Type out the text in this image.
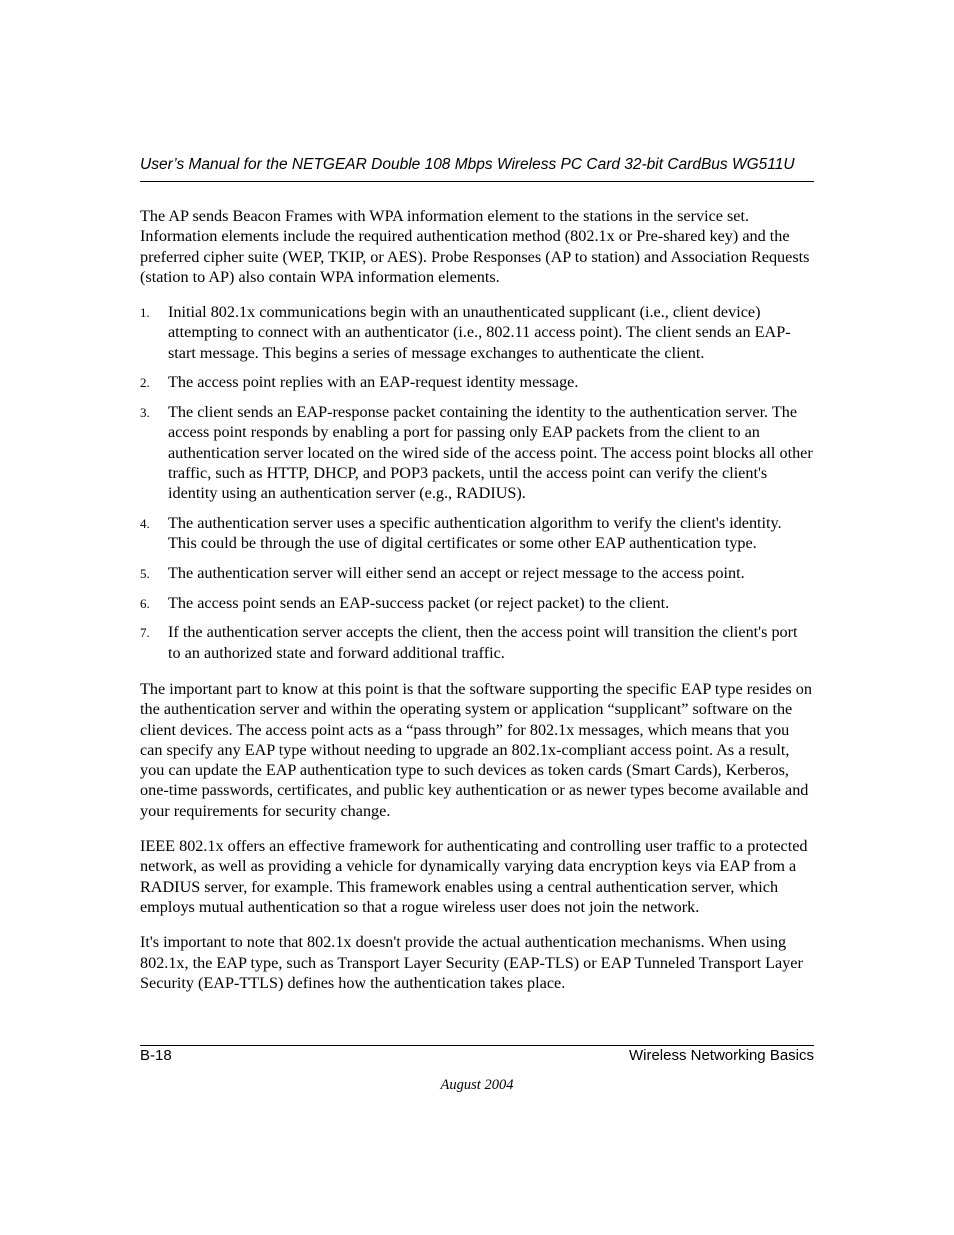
User’s Manual for the NETGEAR Double 108 Mbps Wireless PC Card 32-bit CardBus WG511U

The AP sends Beacon Frames with WPA information element to the stations in the service set. Information elements include the required authentication method (802.1x or Pre-shared key) and the preferred cipher suite (WEP, TKIP, or AES). Probe Responses (AP to station) and Association Requests (station to AP) also contain WPA information elements.

1. Initial 802.1x communications begin with an unauthenticated supplicant (i.e., client device) attempting to connect with an authenticator (i.e., 802.11 access point). The client sends an EAP-start message. This begins a series of message exchanges to authenticate the client.
2. The access point replies with an EAP-request identity message.
3. The client sends an EAP-response packet containing the identity to the authentication server. The access point responds by enabling a port for passing only EAP packets from the client to an authentication server located on the wired side of the access point. The access point blocks all other traffic, such as HTTP, DHCP, and POP3 packets, until the access point can verify the client's identity using an authentication server (e.g., RADIUS).
4. The authentication server uses a specific authentication algorithm to verify the client's identity. This could be through the use of digital certificates or some other EAP authentication type.
5. The authentication server will either send an accept or reject message to the access point.
6. The access point sends an EAP-success packet (or reject packet) to the client.
7. If the authentication server accepts the client, then the access point will transition the client's port to an authorized state and forward additional traffic.

The important part to know at this point is that the software supporting the specific EAP type resides on the authentication server and within the operating system or application “supplicant” software on the client devices. The access point acts as a “pass through” for 802.1x messages, which means that you can specify any EAP type without needing to upgrade an 802.1x-compliant access point. As a result, you can update the EAP authentication type to such devices as token cards (Smart Cards), Kerberos, one-time passwords, certificates, and public key authentication or as newer types become available and your requirements for security change.

IEEE 802.1x offers an effective framework for authenticating and controlling user traffic to a protected network, as well as providing a vehicle for dynamically varying data encryption keys via EAP from a RADIUS server, for example. This framework enables using a central authentication server, which employs mutual authentication so that a rogue wireless user does not join the network.

It's important to note that 802.1x doesn't provide the actual authentication mechanisms. When using 802.1x, the EAP type, such as Transport Layer Security (EAP-TLS) or EAP Tunneled Transport Layer Security (EAP-TTLS) defines how the authentication takes place.

B-18	Wireless Networking Basics
August 2004
